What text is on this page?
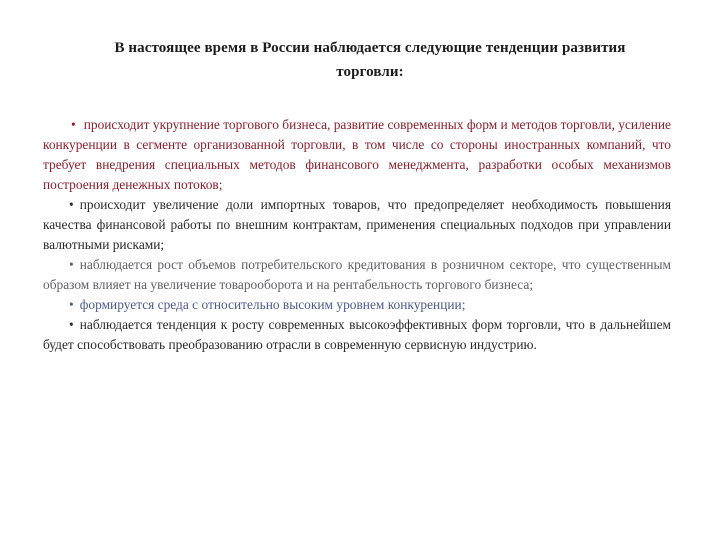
В настоящее время в России наблюдается следующие тенденции развития
торговли:

• происходит укрупнение торгового бизнеса, развитие современных форм и методов торговли, усиление конкуренции в сегменте организованной торговли, в том числе со стороны иностранных компаний, что требует внедрения специальных методов финансового менеджмента, разработки особых механизмов построения денежных потоков;

• происходит увеличение доли импортных товаров, что предопределяет необходимость повышения качества финансовой работы по внешним контрактам, применения специальных подходов при управлении валютными рисками;

• наблюдается рост объемов потребительского кредитования в розничном секторе, что существенным образом влияет на увеличение товарооборота и на рентабельность торгового бизнеса;

• формируется среда с относительно высоким уровнем конкуренции;

• наблюдается тенденция к росту современных высокоэффективных форм торговли, что в дальнейшем будет способствовать преобразованию отрасли в современную сервисную индустрию.
